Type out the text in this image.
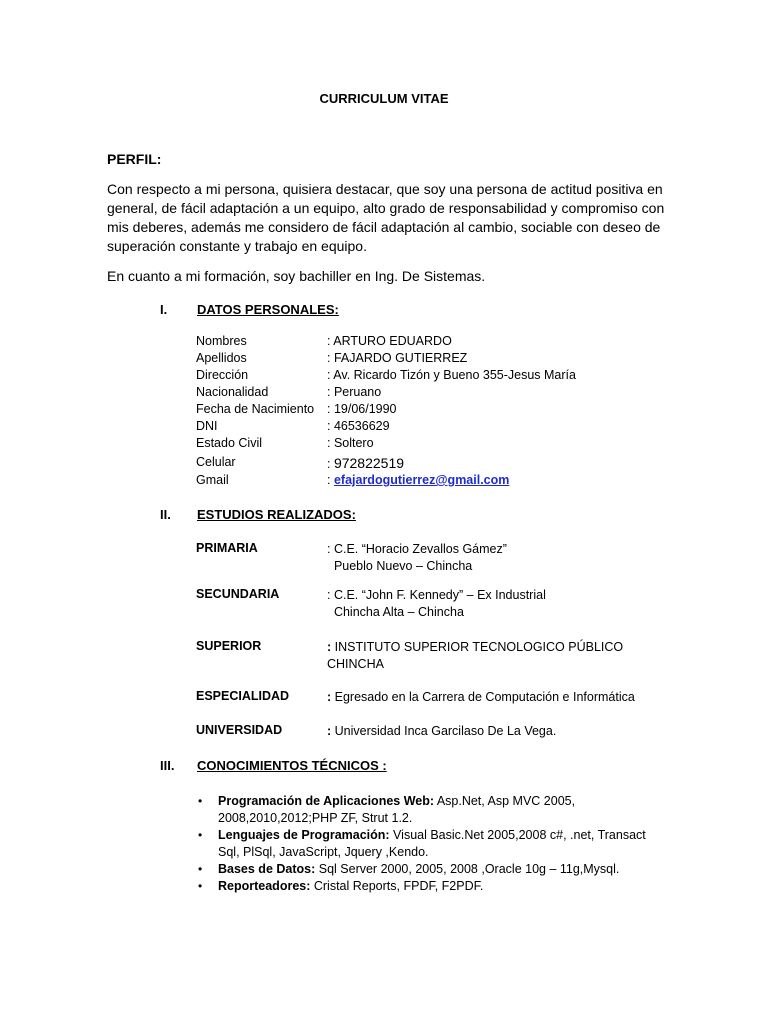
CURRICULUM VITAE
PERFIL:
Con respecto a mi persona, quisiera destacar, que soy una persona de actitud positiva en general, de fácil adaptación a un equipo, alto grado de responsabilidad y compromiso con mis deberes, además me considero de fácil adaptación al cambio, sociable con deseo de superación constante y trabajo en equipo.
En cuanto a mi formación, soy bachiller en Ing. De Sistemas.
I.	DATOS PERSONALES:
Nombres	: ARTURO EDUARDO
Apellidos	: FAJARDO GUTIERREZ
Dirección	: Av. Ricardo Tizón y Bueno 355-Jesus María
Nacionalidad	: Peruano
Fecha de Nacimiento : 19/06/1990
DNI	: 46536629
Estado Civil	: Soltero
Celular	: 972822519
Gmail	: efajardogutierrez@gmail.com
II.	ESTUDIOS REALIZADOS:
PRIMARIA	: C.E. “Horacio Zevallos Gámez”
Pueblo Nuevo – Chincha
SECUNDARIA	: C.E. “John F. Kennedy” – Ex Industrial
Chincha Alta – Chincha
SUPERIOR	: INSTITUTO SUPERIOR TECNOLOGICO PÚBLICO
CHINCHA
ESPECIALIDAD	: Egresado en la Carrera de Computación e Informática
UNIVERSIDAD	: Universidad Inca Garcilaso De La Vega.
III.	CONOCIMIENTOS TÉCNICOS :
• Programación de Aplicaciones Web: Asp.Net, Asp MVC 2005, 2008,2010,2012;PHP ZF, Strut 1.2.
• Lenguajes de Programación: Visual Basic.Net 2005,2008 c#, .net, Transact Sql, PlSql, JavaScript, Jquery ,Kendo.
• Bases de Datos: Sql Server 2000, 2005, 2008 ,Oracle 10g – 11g,Mysql.
• Reporteadores: Cristal Reports, FPDF, F2PDF.
